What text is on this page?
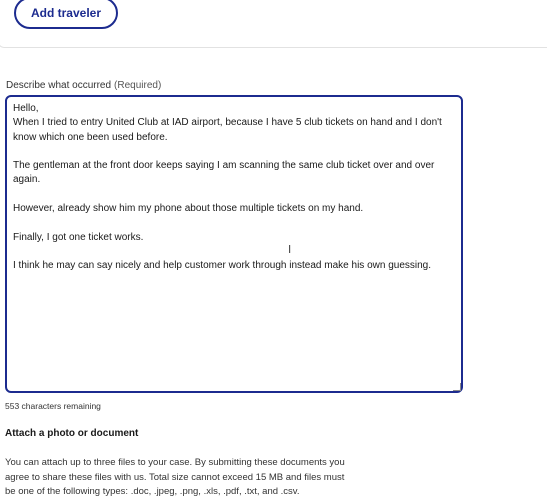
Add traveler
Describe what occurred (Required)
Hello,
When I tried to entry United Club at IAD airport, because I have 5 club tickets on hand and I don't know which one been used before.

The gentleman at the front door keeps saying I am scanning the same club ticket over and over again.

However, already show him my phone about those multiple tickets on my hand.

Finally, I got one ticket works.

I think he may can say nicely and help customer work through instead make his own guessing.
I
553 characters remaining
Attach a photo or document
You can attach up to three files to your case. By submitting these documents you agree to share these files with us. Total size cannot exceed 15 MB and files must be one of the following types: .doc, .jpeg, .png, .xls, .pdf, .txt, and .csv.
